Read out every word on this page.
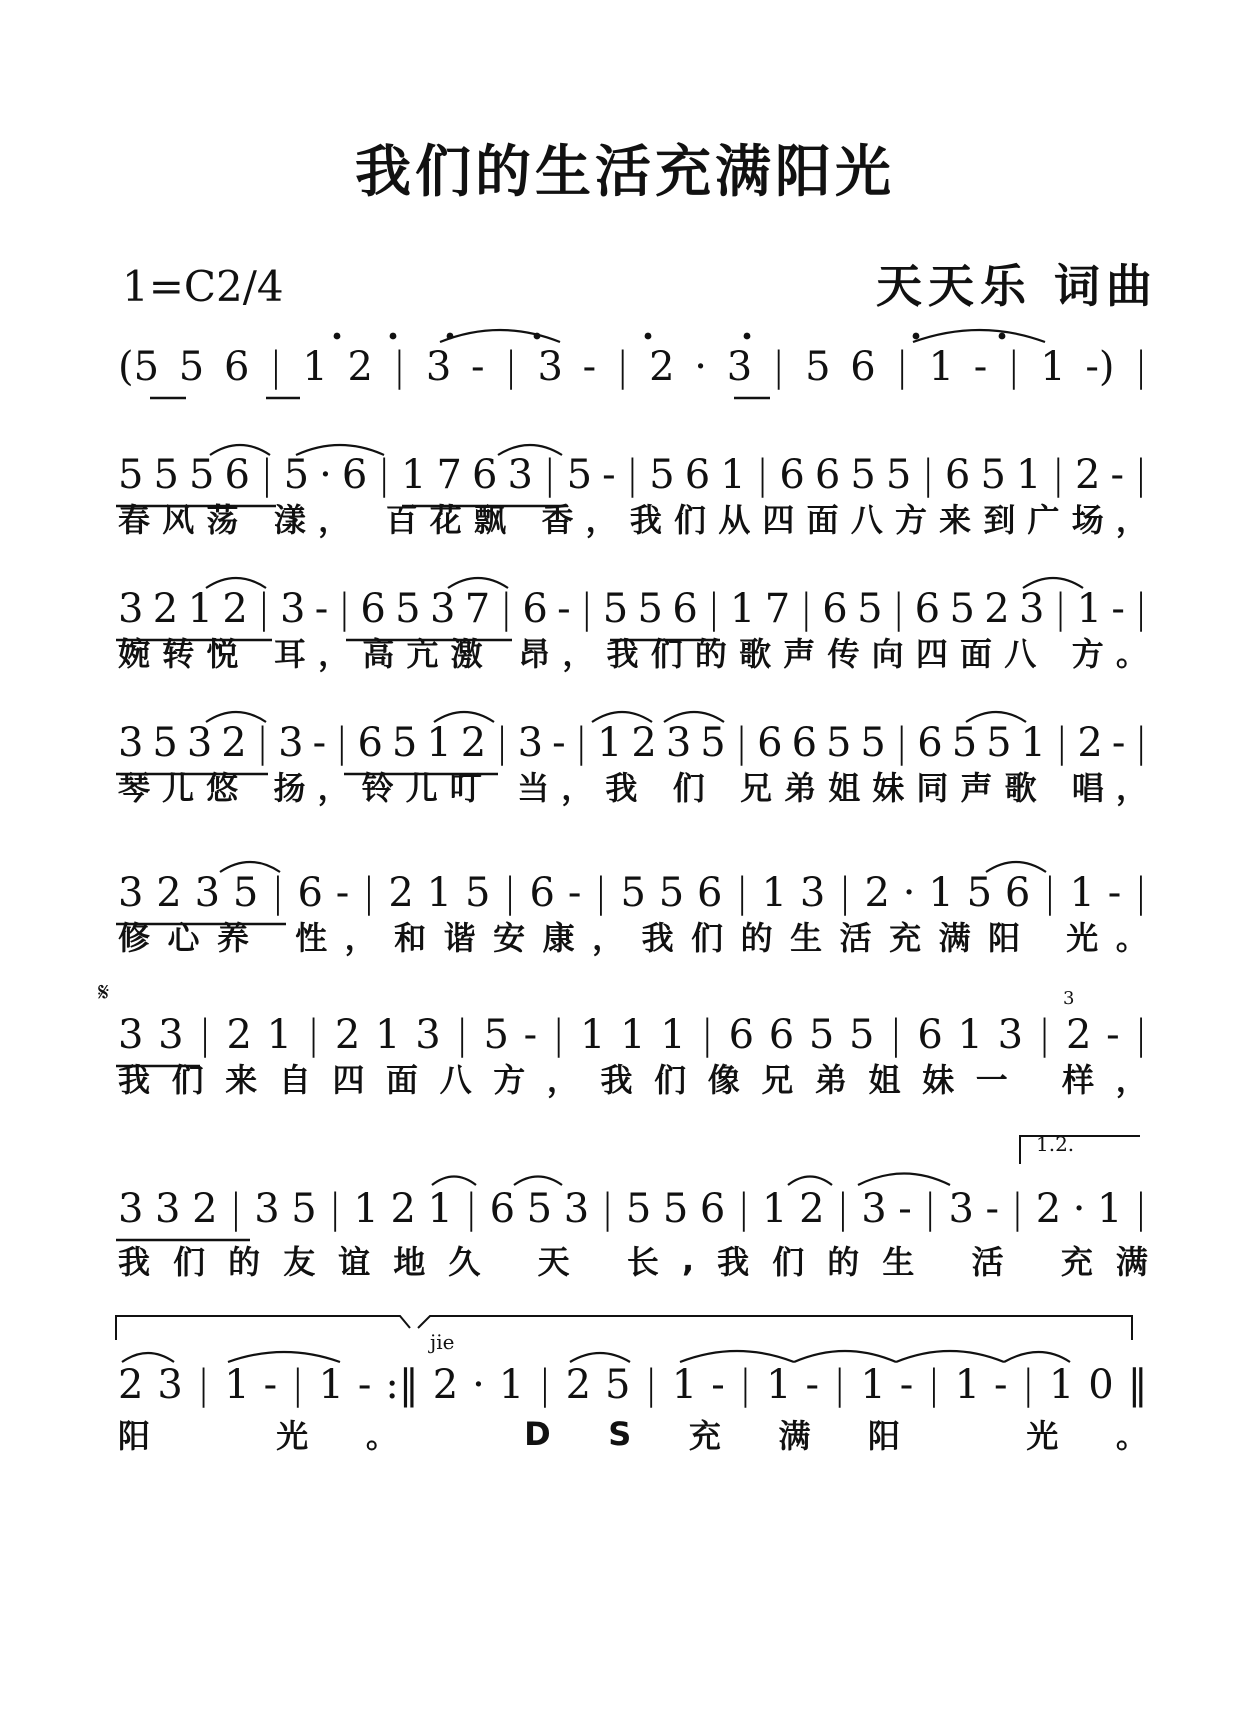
我们的生活充满阳光
1=C2/4	天天乐 词曲
(5 5 6 | 1 2 | 3 - | 3 - | 2 · 3 | 5 6 | 1 - | 1 -) |
5 5 5 6 | 5 · 6 | 1 7 6 3 | 5 - | 5 6 1 | 6 6 5 5 | 6 5 1 | 2 - |
春 风 荡
漾 ，
百 花 飘
香 ， 我 们 从 四 面 八 方 来 到 广 场 ，
3 2 1 2 | 3 - | 6 5 3 7 | 6 - | 5 5 6 | 1 7 | 6 5 | 6 5 2 3 | 1 - |
婉 转 悦
耳 ， 高 亢 激
昂 ， 我 们 的 歌 声 传 向 四 面 八
方 。
3 5 3 2 | 3 - | 6 5 1 2 | 3 - | 1 2 3 5 | 6 6 5 5 | 6 5 5 1 | 2 - |
琴 儿 悠
扬 ， 铃 儿 叮
当 ， 我
们
兄 弟 姐 妹 同 声 歌
唱 ，
3 2 3 5 | 6 - | 2 1 5 | 6 - | 5 5 6 | 1 3 | 2 · 1 5 6 | 1 - |
修 心 养
性 ， 和 谐 安 康 ， 我 们 的 生 活 充 满 阳
光 。
3 3 | 2 1 | 2 1 3 | 5 - | 1 1 1 | 6 6 5 5 | 6 1 3 | 2 - |
我 们 来 自 四 面 八 方 ， 我 们 像 兄 弟 姐 妹 一
样 ，
3 3 2 | 3 5 | 1 2 1 | 6 5 3 | 5 5 6 | 1 2 | 3 - | 3 - | 2 · 1 |
我 们 的 友 谊 地 久
天
长 , 我 们 的 生
活
充 满
2 3 | 1 - | 1 - :‖ 2 · 1 | 2 5 | 1 - | 1 - | 1 - | 1 - | 1 0 ‖
阳
	光 。
	D S 充 满 阳
	光 。
𝄋	3
1.2.
jie
